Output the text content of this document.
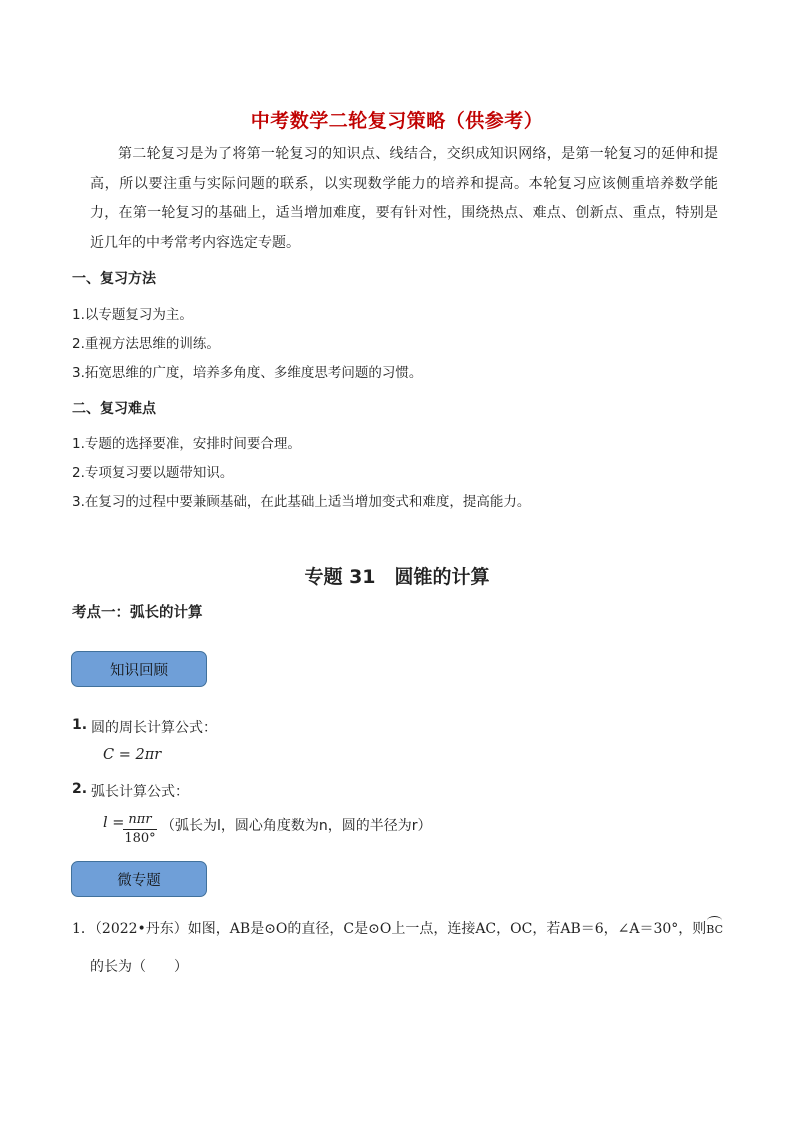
中考数学二轮复习策略（供参考）

第二轮复习是为了将第一轮复习的知识点、线结合，交织成知识网络，是第一轮复习的延伸和提高，所以要注重与实际问题的联系，以实现数学能力的培养和提高。本轮复习应该侧重培养数学能力，在第一轮复习的基础上，适当增加难度，要有针对性，围绕热点、难点、创新点、重点，特别是近几年的中考常考内容选定专题。

一、复习方法
1.以专题复习为主。
2.重视方法思维的训练。
3.拓宽思维的广度，培养多角度、多维度思考问题的习惯。
二、复习难点
1.专题的选择要准，安排时间要合理。
2.专项复习要以题带知识。
3.在复习的过程中要兼顾基础，在此基础上适当增加变式和难度，提高能力。
专题 31　圆锥的计算
考点一：弧长的计算
知识回顾
1. 圆的周长计算公式：
C = 2πr
2. 弧长计算公式：
l = nπr
180°
（弧长为l，圆心角度数为n，圆的半径为r）
微专题
1．（2022•丹东）如图，AB是⊙O的直径，C是⊙O上一点，连接AC，OC，若AB＝6，∠A＝30°，则BC
的长为（　　）
